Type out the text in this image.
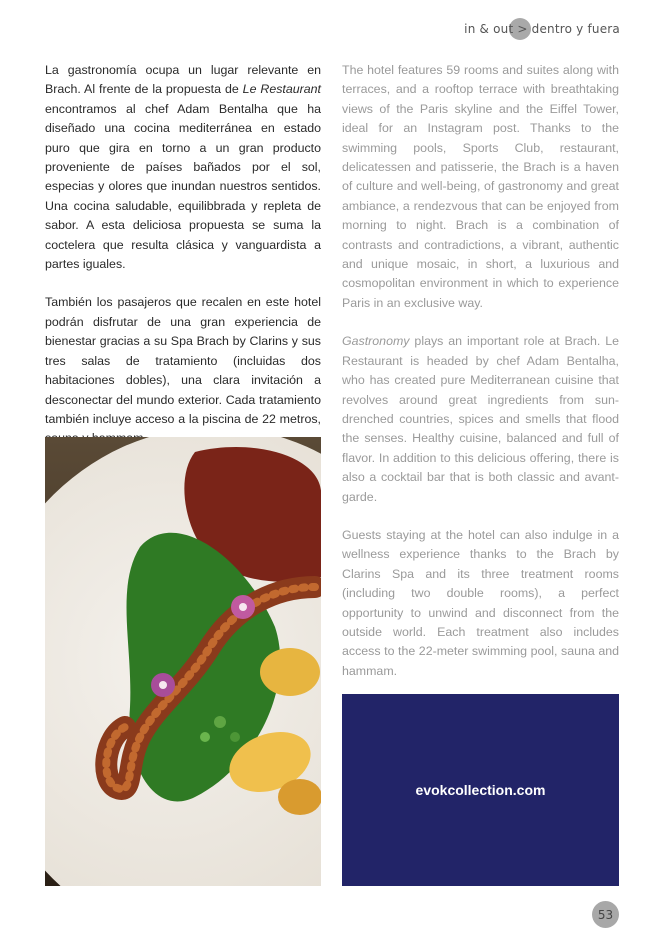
in & out > dentro y fuera

La gastronomía ocupa un lugar relevante en Brach. Al frente de la propuesta de Le Restaurant encontramos al chef Adam Bentalha que ha diseñado una cocina mediterránea en estado puro que gira en torno a un gran producto proveniente de países bañados por el sol, especias y olores que inundan nuestros sentidos. Una cocina saludable, equilibbrada y repleta de sabor. A esta deliciosa propuesta se suma la coctelera que resulta clásica y vanguardista a partes iguales.

También los pasajeros que recalen en este hotel podrán disfrutar de una gran experiencia de bienestar gracias a su Spa Brach by Clarins y sus tres salas de tratamiento (incluidas dos habitaciones dobles), una clara invitación a desconectar del mundo exterior. Cada tratamiento también incluye acceso a la piscina de 22 metros,

The hotel features 59 rooms and suites along with terraces, and a rooftop terrace with breathtaking views of the Paris skyline and the Eiffel Tower, ideal for an Instagram post. Thanks to the swimming pools, Sports Club, restaurant, delicatessen and patisserie, the Brach is a haven of culture and well-being, of gastronomy and great ambiance, a rendezvous that can be enjoyed from morning to night. Brach is a combination of contrasts and contradictions, a vibrant, authentic and unique mosaic, in short, a luxurious and cosmopolitan environment in which to experience Paris in an exclusive way.

Gastronomy plays an important role at Brach. Le Restaurant is headed by chef Adam Bentalha, who has created pure Mediterranean cuisine that revolves around great ingredients from sun-drenched countries, spices and smells that flood the senses. Healthy cuisine, balanced and full of flavor. In addition to this delicious offering, there is also a cocktail bar that is both classic and avant-garde.

Guests staying at the hotel can also indulge in a wellness experience thanks to the Brach by Clarins Spa and its three treatment rooms (including two double rooms), a perfect opportunity to unwind and disconnect from the outside world. Each treatment also includes access to the 22-meter swimming pool, sauna and hammam.

evokcollection.com
53
